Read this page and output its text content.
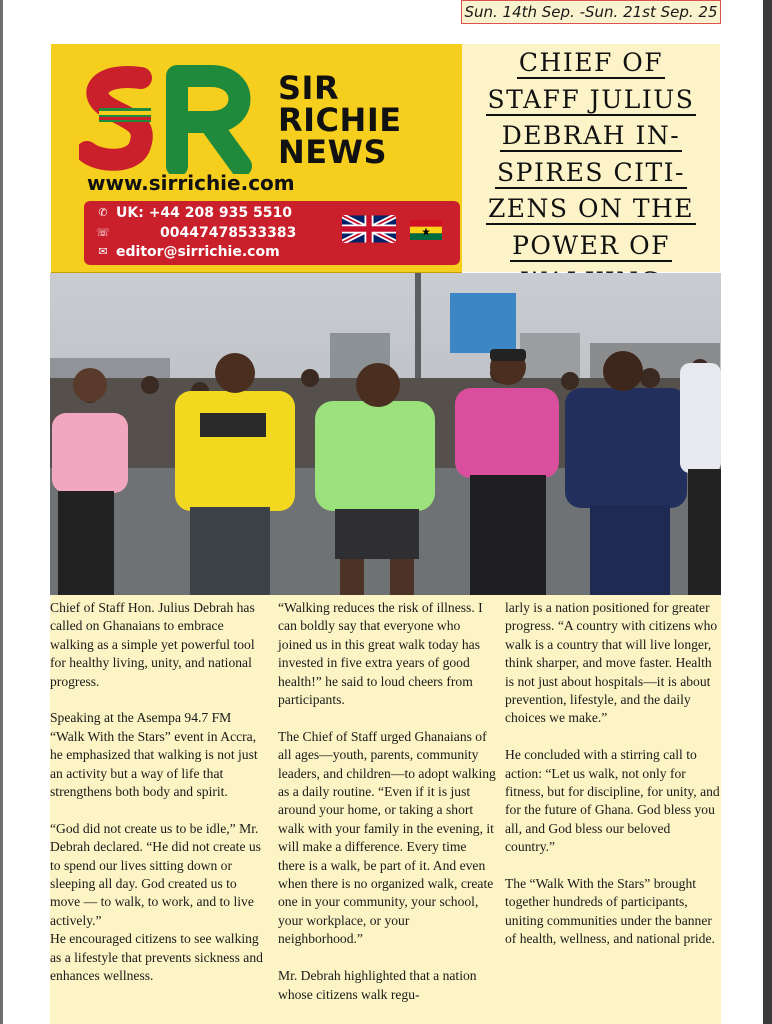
Sun. 14th Sep. -Sun. 21st Sep. 25
SIR
RICHIE
NEWS
www.sirrichie.com
✆ UK: +44 208 935 5510
☏	00447478533383
✉ editor@sirrichie.com
CHIEF OF
STAFF JULIUS
DEBRAH IN-
SPIRES CITI-
ZENS ON THE
POWER OF

Chief of Staff Hon. Julius Debrah has called on Ghanaians to embrace walking as a simple yet powerful tool for healthy living, unity, and national progress.

Speaking at the Asempa 94.7 FM “Walk With the Stars” event in Accra, he emphasized that walking is not just an activity but a way of life that strengthens both body and spirit.

“God did not create us to be idle,” Mr. Debrah declared. “He did not create us to spend our lives sitting down or sleeping all day. God created us to move — to walk, to work, and to live actively.”

He encouraged citizens to see walking as a lifestyle that prevents sickness and enhances wellness.

“Walking reduces the risk of illness. I can boldly say that everyone who joined us in this great walk today has invested in five extra years of good health!” he said to loud cheers from participants.

The Chief of Staff urged Ghanaians of all ages—youth, parents, community leaders, and children—to adopt walking as a daily routine. “Even if it is just around your home, or taking a short walk with your family in the evening, it will make a difference. Every time there is a walk, be part of it. And even when there is no organized walk, create one in your community, your school, your workplace, or your neighborhood.”

Mr. Debrah highlighted that a nation whose citizens walk regu-

larly is a nation positioned for greater progress. “A country with citizens who walk is a country that will live longer, think sharper, and move faster. Health is not just about hospitals—it is about prevention, lifestyle, and the daily choices we make.”

He concluded with a stirring call to action: “Let us walk, not only for fitness, but for discipline, for unity, and for the future of Ghana. God bless you all, and God bless our beloved country.”

The “Walk With the Stars” brought together hundreds of participants, uniting communities under the banner of health, wellness, and national pride.
